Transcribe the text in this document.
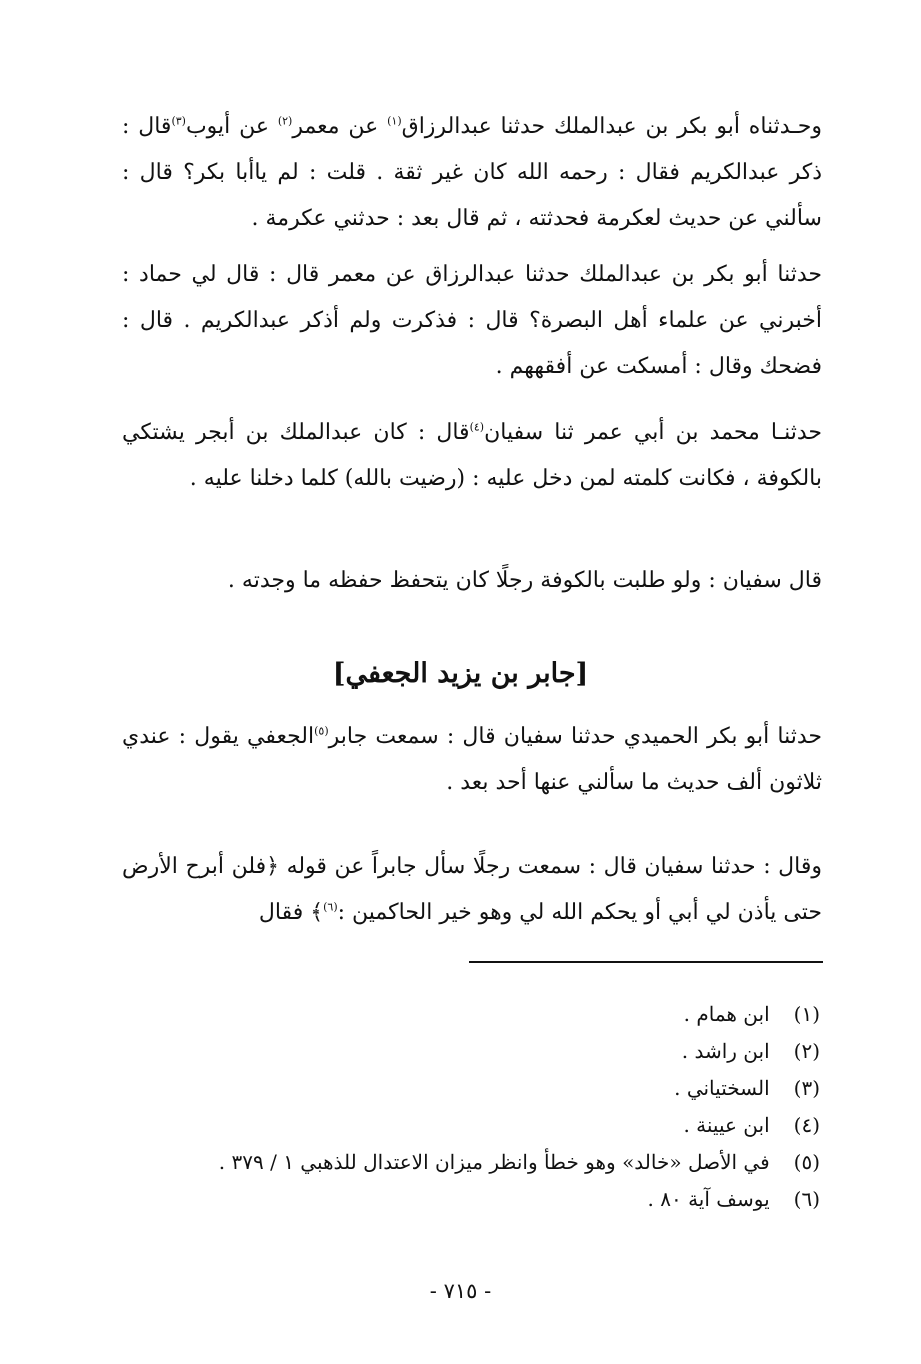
وحـدثناه أبو بكر بن عبدالملك حدثنا عبدالرزاق$^{(١)}$ عن معمر$^{(٢)}$ عن أيوب$^{(٣)}$قال : ذكر عبدالكريم فقال : رحمه الله كان غير ثقة . قلت : لم ياأبا بكر؟ قال : سألني عن حديث لعكرمة فحدثته ، ثم قال بعد : حدثني عكرمة .
حدثنا أبو بكر بن عبدالملك حدثنا عبدالرزاق عن معمر قال : قال لي حماد : أخبرني عن علماء أهل البصرة؟ قال : فذكرت ولم أذكر عبدالكريم . قال : فضحك وقال : أمسكت عن أفقههم .
حدثنـا محمد بن أبي عمر ثنا سفيان$^{(٤)}$قال : كان عبدالملك بن أبجر يشتكي بالكوفة ، فكانت كلمته لمن دخل عليه : (رضيت بالله) كلما دخلنا عليه .
قال سفيان : ولو طلبت بالكوفة رجلًا كان يتحفظ حفظه ما وجدته .
[جابر بن يزيد الجعفي]
حدثنا أبو بكر الحميدي حدثنا سفيان قال : سمعت جابر$^{(٥)}$الجعفي يقول : عندي ثلاثون ألف حديث ما سألني عنها أحد بعد .
وقال : حدثنا سفيان قال : سمعت رجلًا سأل جابراً عن قوله ﴿فلن أبرح الأرض حتى يأذن لي أبي أو يحكم الله لي وهو خير الحاكمين :$^{(٦)}$﴾ فقال
(١) ابن همام .
(٢) ابن راشد .
(٣) السختياني .
(٤) ابن عيينة .
(٥) في الأصل «خالد» وهو خطأ وانظر ميزان الاعتدال للذهبي ١ / ٣٧٩ .
(٦) يوسف آية ٨٠ .
- ٧١٥ -
